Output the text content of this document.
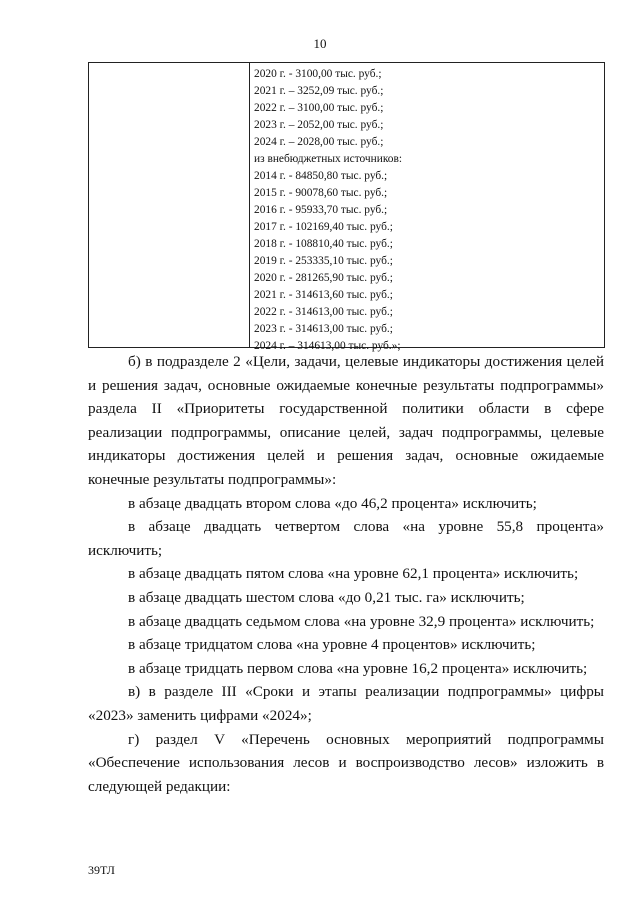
10
2020 г. - 3100,00 тыс. руб.;
2021 г. – 3252,09 тыс. руб.;
2022 г. – 3100,00 тыс. руб.;
2023 г. – 2052,00 тыс. руб.;
2024 г. – 2028,00 тыс. руб.;
из внебюджетных источников:
2014 г. - 84850,80 тыс. руб.;
2015 г. - 90078,60 тыс. руб.;
2016 г. - 95933,70 тыс. руб.;
2017 г. - 102169,40 тыс. руб.;
2018 г. - 108810,40 тыс. руб.;
2019 г. - 253335,10 тыс. руб.;
2020 г. - 281265,90 тыс. руб.;
2021 г. - 314613,60 тыс. руб.;
2022 г. - 314613,00 тыс. руб.;
2023 г. - 314613,00 тыс. руб.;
2024 г. – 314613,00 тыс. руб.»;

б) в подразделе 2 «Цели, задачи, целевые индикаторы достижения целей и решения задач, основные ожидаемые конечные результаты подпрограммы» раздела II «Приоритеты государственной политики области в сфере реализации подпрограммы, описание целей, задач подпрограммы, целевые индикаторы достижения целей и решения задач, основные ожидаемые конечные результаты подпрограммы»:

в абзаце двадцать втором слова «до 46,2 процента» исключить;

в абзаце двадцать четвертом слова «на уровне 55,8 процента» исключить;

в абзаце двадцать пятом слова «на уровне 62,1 процента» исключить;

в абзаце двадцать шестом слова «до 0,21 тыс. га» исключить;

в абзаце двадцать седьмом слова «на уровне 32,9 процента» исключить;

в абзаце тридцатом слова «на уровне 4 процентов» исключить;

в абзаце тридцать первом слова «на уровне 16,2 процента» исключить;

в) в разделе III «Сроки и этапы реализации подпрограммы» цифры «2023» заменить цифрами «2024»;

г) раздел V «Перечень основных мероприятий подпрограммы «Обеспечение использования лесов и воспроизводство лесов» изложить в следующей редакции:

39ТЛ
